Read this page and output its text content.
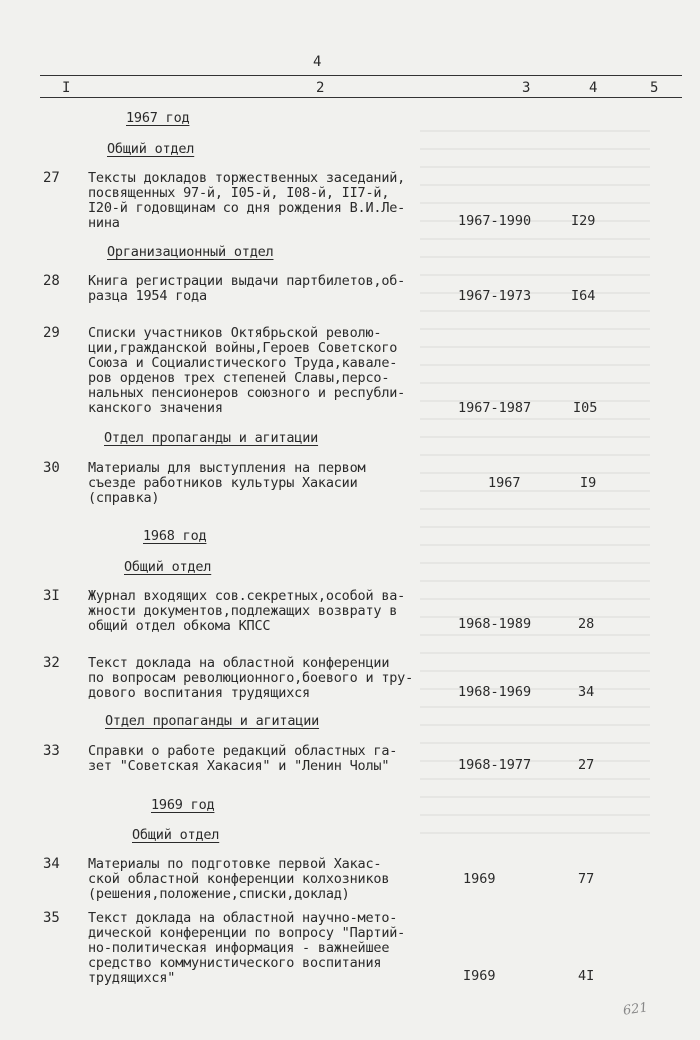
4
I	2	3	4	5
1967 год
Общий отдел
27 Тексты докладов торжественных заседаний,
посвященных 97-й, I05-й, I08-й, II7-й,
I20-й годовщинам со дня рождения В.И.Ле-
нина	1967-1990	I29
Организационный отдел
28 Книга регистрации выдачи партбилетов,об-
разца 1954 года	1967-1973	I64
29 Списки участников Октябрьской револю-
ции,гражданской войны,Героев Советского
Союза и Социалистического Труда,кавале-
ров орденов трех степеней Славы,персо-
нальных пенсионеров союзного и республи-
канского значения	1967-1987	I05
Отдел пропаганды и агитации
30 Материалы для выступления на первом
съезде работников культуры Хакасии
(справка)
1967	I9
1968 год
Общий отдел
3I Журнал входящих сов.секретных,особой ва-
жности документов,подлежащих возврату в
общий отдел обкома КПСС	1968-1989	28
32 Текст доклада на областной конференции
по вопросам революционного,боевого и тру-
дового воспитания трудящихся	1968-1969	34
Отдел пропаганды и агитации
33 Справки о работе редакций областных га-
зет "Советская Хакасия" и "Ленин Чолы"	1968-1977	27
1969 год
Общий отдел
34 Материалы по подготовке первой Хакас-
ской областной конференции колхозников
(решения,положение,списки,доклад)
1969	77
35 Текст доклада на областной научно-мето-
дической конференции по вопросу "Партий-
но-политическая информация - важнейшее
средство коммунистического воспитания
трудящихся"	I969	4I
621
